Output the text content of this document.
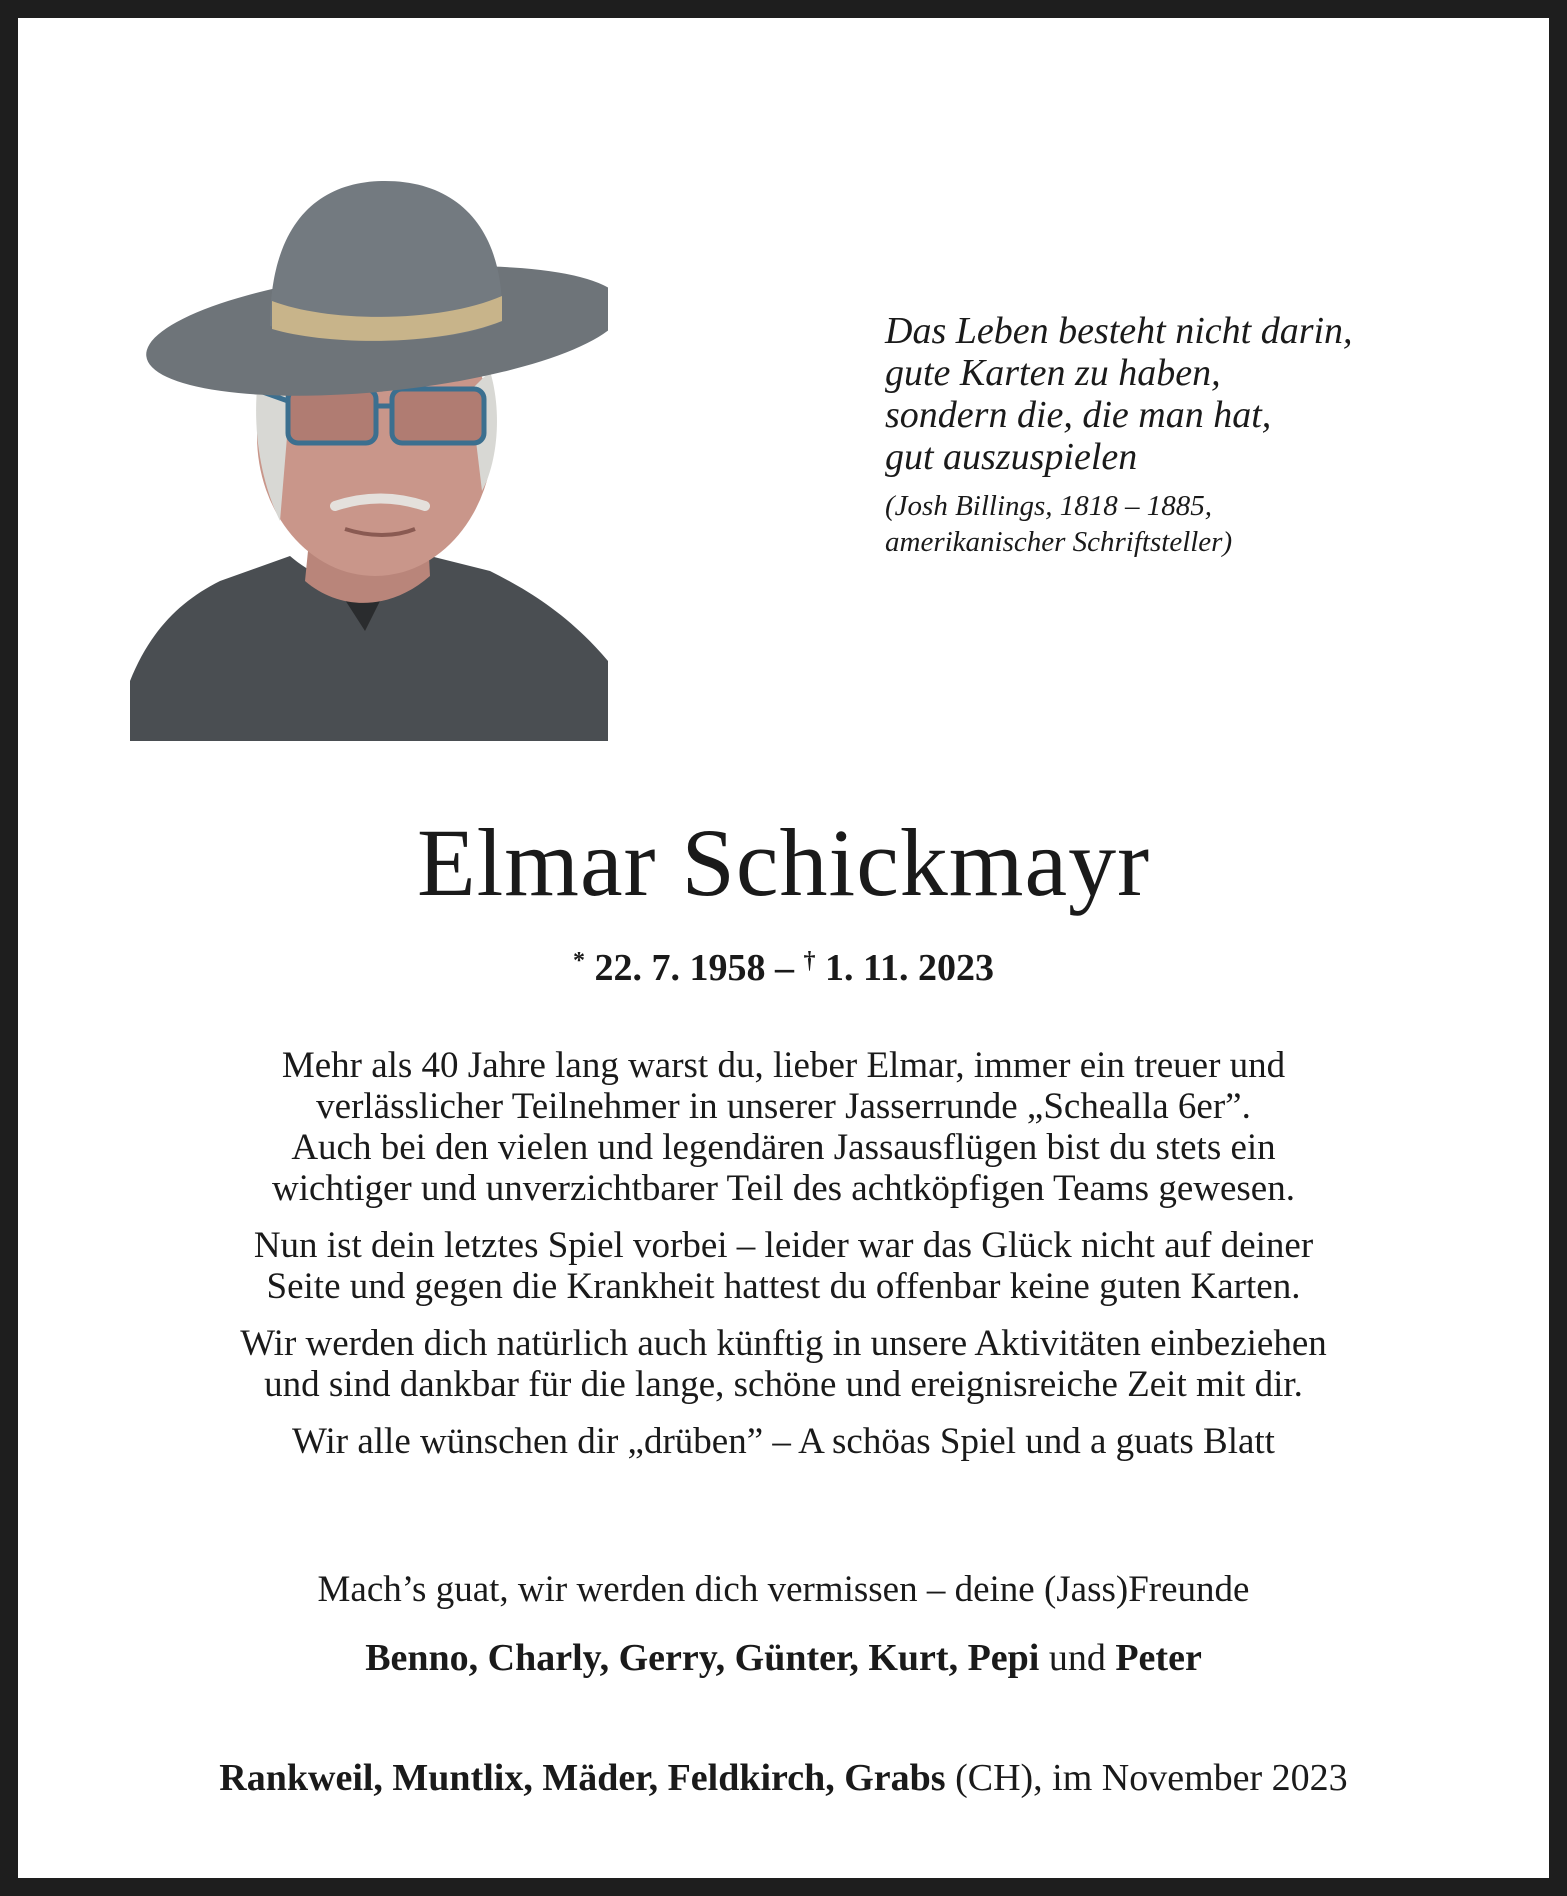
Das Leben besteht nicht darin,
gute Karten zu haben,
sondern die, die man hat,
gut auszuspielen
(Josh Billings, 1818 – 1885,
amerikanischer Schriftsteller)
Elmar Schickmayr
* 22. 7. 1958 – † 1. 11. 2023
Mehr als 40 Jahre lang warst du, lieber Elmar, immer ein treuer und
verlässlicher Teilnehmer in unserer Jasserrunde „Schealla 6er”.
Auch bei den vielen und legendären Jassausflügen bist du stets ein
wichtiger und unverzichtbarer Teil des achtköpfigen Teams gewesen.
Nun ist dein letztes Spiel vorbei – leider war das Glück nicht auf deiner
Seite und gegen die Krankheit hattest du offenbar keine guten Karten.
Wir werden dich natürlich auch künftig in unsere Aktivitäten einbeziehen
und sind dankbar für die lange, schöne und ereignisreiche Zeit mit dir.
Wir alle wünschen dir „drüben” – A schöas Spiel und a guats Blatt
Mach’s guat, wir werden dich vermissen – deine (Jass)Freunde
Benno, Charly, Gerry, Günter, Kurt, Pepi und Peter
Rankweil, Muntlix, Mäder, Feldkirch, Grabs (CH), im November 2023
